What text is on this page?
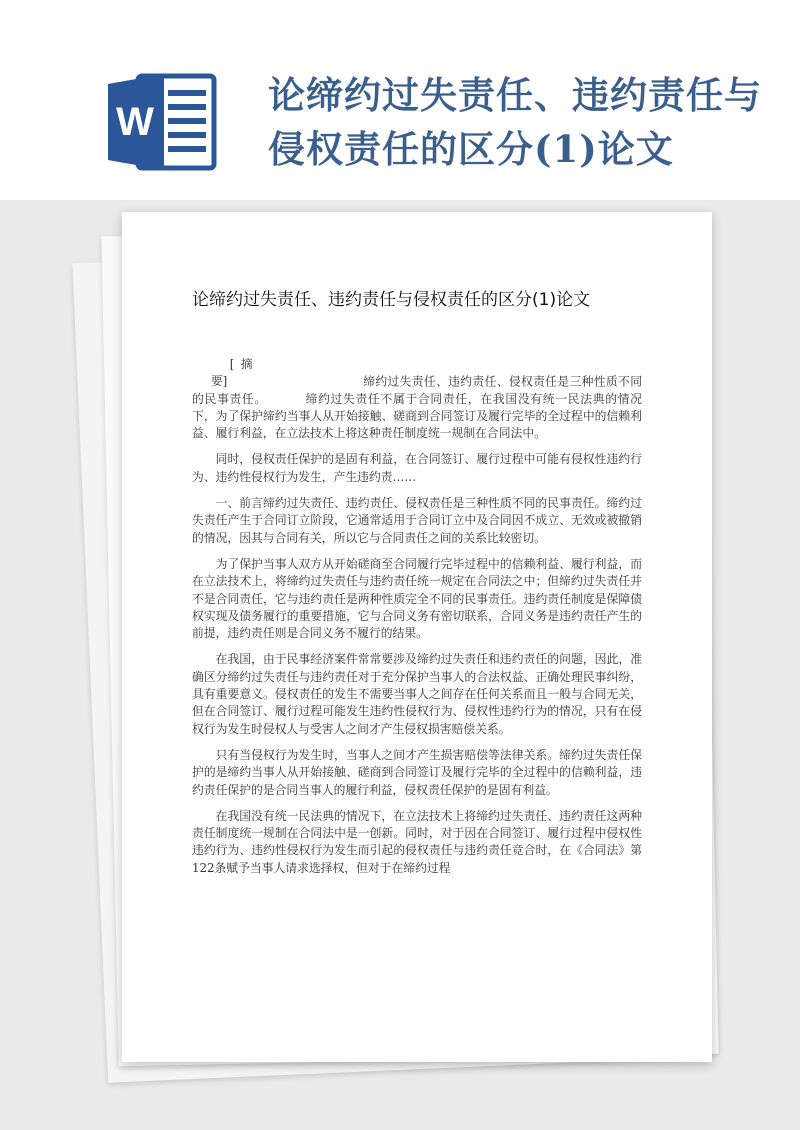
W
论缔约过失责任、违约责任与侵权责任的区分(1)论文
论缔约过失责任、违约责任与侵权责任的区分(1)论文

[摘要]	缔约过失责任、违约责任、侵权责任是三种性质不同的民事责任。	缔约过失责任不属于合同责任，在我国没有统一民法典的情况下，为了保护缔约当事人从开始接触、磋商到合同签订及履行完毕的全过程中的信赖利益、履行利益，在立法技术上将这种责任制度统一规制在合同法中。

同时，侵权责任保护的是固有利益，在合同签订、履行过程中可能有侵权性违约行为、违约性侵权行为发生，产生违约责……

一、前言缔约过失责任、违约责任、侵权责任是三种性质不同的民事责任。缔约过失责任产生于合同订立阶段，它通常适用于合同订立中及合同因不成立、无效或被撤销的情况，因其与合同有关，所以它与合同责任之间的关系比较密切。

为了保护当事人双方从开始磋商至合同履行完毕过程中的信赖利益、履行利益，而在立法技术上，将缔约过失责任与违约责任统一规定在合同法之中；但缔约过失责任并不是合同责任，它与违约责任是两种性质完全不同的民事责任。违约责任制度是保障债权实现及债务履行的重要措施，它与合同义务有密切联系，合同义务是违约责任产生的前提，违约责任则是合同义务不履行的结果。

在我国，由于民事经济案件常常要涉及缔约过失责任和违约责任的问题，因此，准确区分缔约过失责任与违约责任对于充分保护当事人的合法权益、正确处理民事纠纷，具有重要意义。侵权责任的发生不需要当事人之间存在任何关系而且一般与合同无关，但在合同签订、履行过程可能发生违约性侵权行为、侵权性违约行为的情况，只有在侵权行为发生时侵权人与受害人之间才产生侵权损害赔偿关系。

只有当侵权行为发生时，当事人之间才产生损害赔偿等法律关系。缔约过失责任保护的是缔约当事人从开始接触、磋商到合同签订及履行完毕的全过程中的信赖利益，违约责任保护的是合同当事人的履行利益，侵权责任保护的是固有利益。

在我国没有统一民法典的情况下，在立法技术上将缔约过失责任、违约责任这两种责任制度统一规制在合同法中是一创新。同时，对于因在合同签订、履行过程中侵权性违约行为、违约性侵权行为发生而引起的侵权责任与违约责任竞合时，在《合同法》第122条赋予当事人请求选择权，但对于在缔约过程
